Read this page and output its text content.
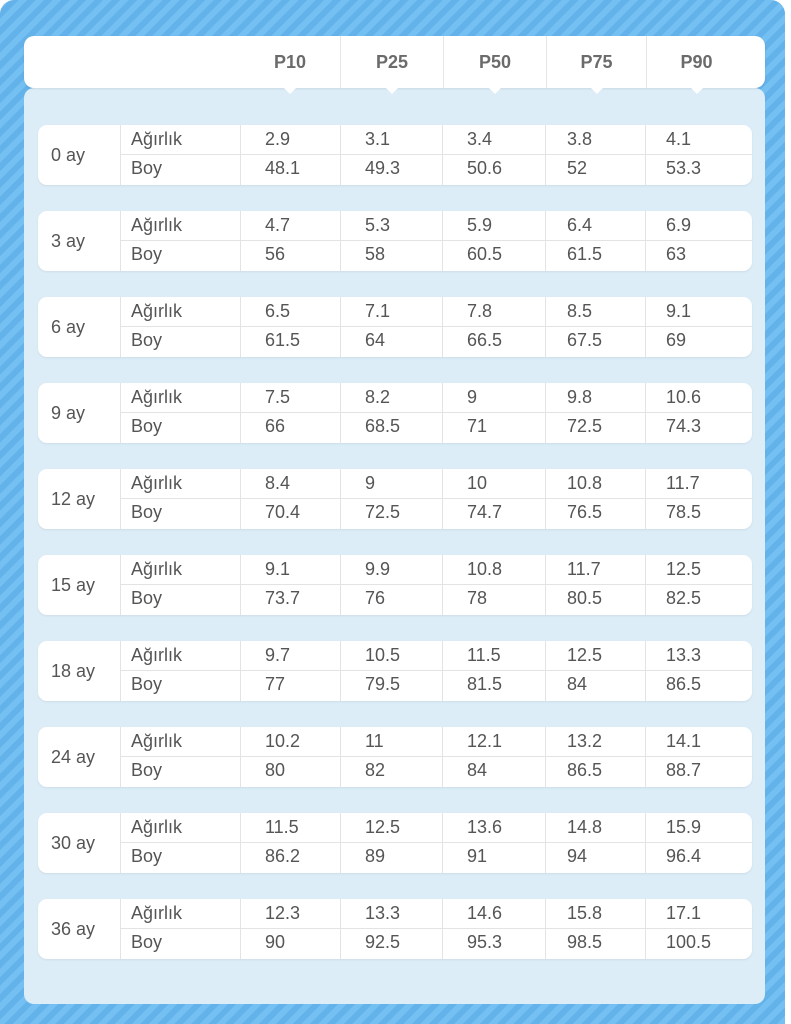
P10	P25	P50	P75	P90
0 ay
Ağırlık	2.9	3.1	3.4	3.8	4.1
Boy	48.1	49.3	50.6	52	53.3
3 ay
Ağırlık	4.7	5.3	5.9	6.4	6.9
Boy	56	58	60.5	61.5	63
6 ay
Ağırlık	6.5	7.1	7.8	8.5	9.1
Boy	61.5	64	66.5	67.5	69
9 ay
Ağırlık	7.5	8.2	9	9.8	10.6
Boy	66	68.5	71	72.5	74.3
12 ay
Ağırlık	8.4	9	10	10.8	11.7
Boy	70.4	72.5	74.7	76.5	78.5
15 ay
Ağırlık	9.1	9.9	10.8	11.7	12.5
Boy	73.7	76	78	80.5	82.5
18 ay
Ağırlık	9.7	10.5	11.5	12.5	13.3
Boy	77	79.5	81.5	84	86.5
24 ay
Ağırlık	10.2	11	12.1	13.2	14.1
Boy	80	82	84	86.5	88.7
30 ay
Ağırlık	11.5	12.5	13.6	14.8	15.9
Boy	86.2	89	91	94	96.4
36 ay
Ağırlık	12.3	13.3	14.6	15.8	17.1
Boy	90	92.5	95.3	98.5	100.5
